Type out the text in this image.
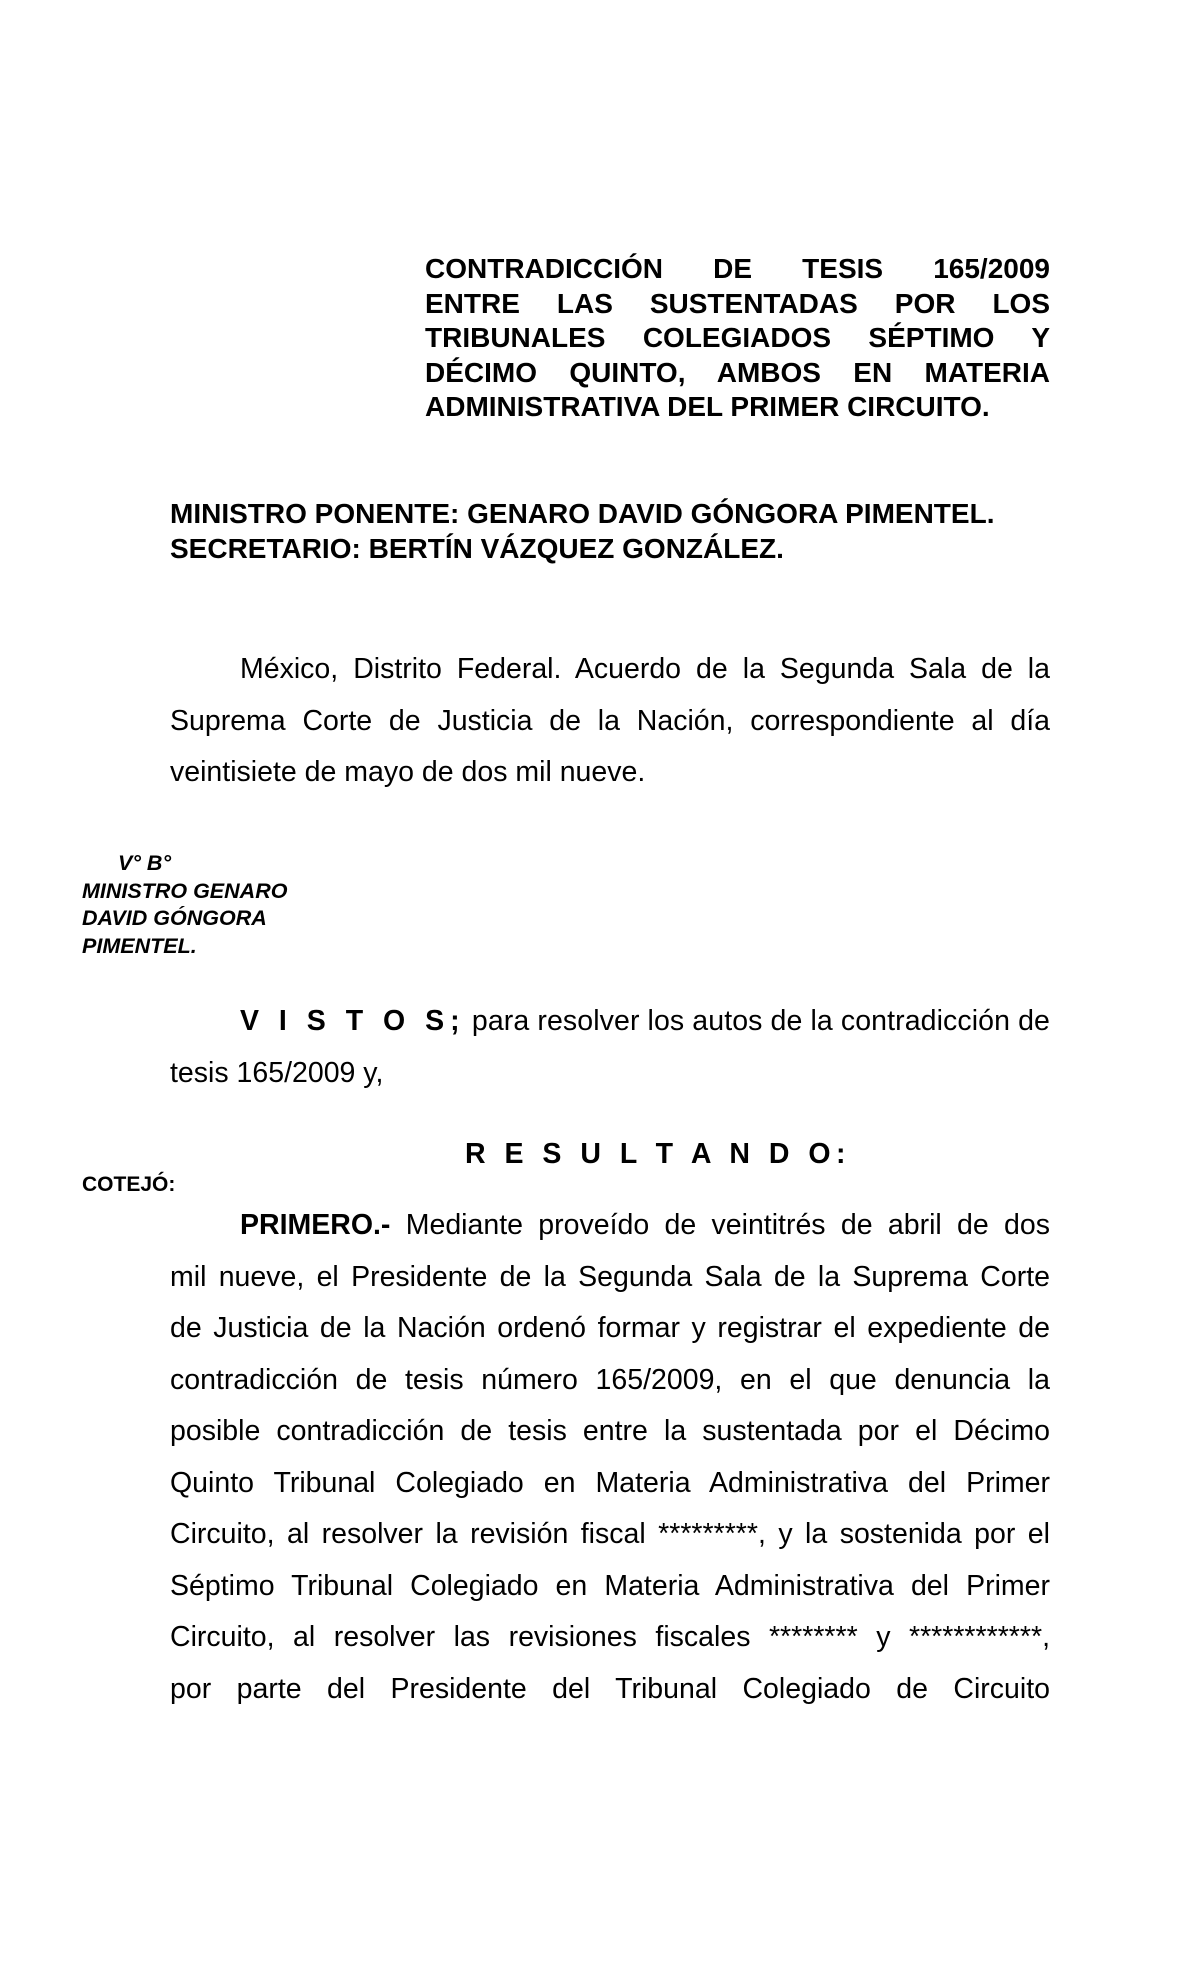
CONTRADICCIÓN DE TESIS 165/2009
ENTRE LAS SUSTENTADAS POR LOS
TRIBUNALES COLEGIADOS SÉPTIMO Y
DÉCIMO QUINTO, AMBOS EN MATERIA
ADMINISTRATIVA DEL PRIMER CIRCUITO.
MINISTRO PONENTE: GENARO DAVID GÓNGORA PIMENTEL.
SECRETARIO: BERTÍN VÁZQUEZ GONZÁLEZ.
México, Distrito Federal. Acuerdo de la Segunda Sala de la
Suprema Corte de Justicia de la Nación, correspondiente al día
veintisiete de mayo de dos mil nueve.
V° B°
MINISTRO GENARO
DAVID GÓNGORA
PIMENTEL.
V I S T O S; para resolver los autos de la contradicción de
tesis 165/2009 y,
R E S U L T A N D O:
COTEJÓ:
PRIMERO.- Mediante proveído de veintitrés de abril de dos
mil nueve, el Presidente de la Segunda Sala de la Suprema Corte
de Justicia de la Nación ordenó formar y registrar el expediente de
contradicción de tesis número 165/2009, en el que denuncia la
posible contradicción de tesis entre la sustentada por el Décimo
Quinto Tribunal Colegiado en Materia Administrativa del Primer
Circuito, al resolver la revisión fiscal *********, y la sostenida por el
Séptimo Tribunal Colegiado en Materia Administrativa del Primer
Circuito, al resolver las revisiones fiscales ******** y ************,
por parte del Presidente del Tribunal Colegiado de Circuito
